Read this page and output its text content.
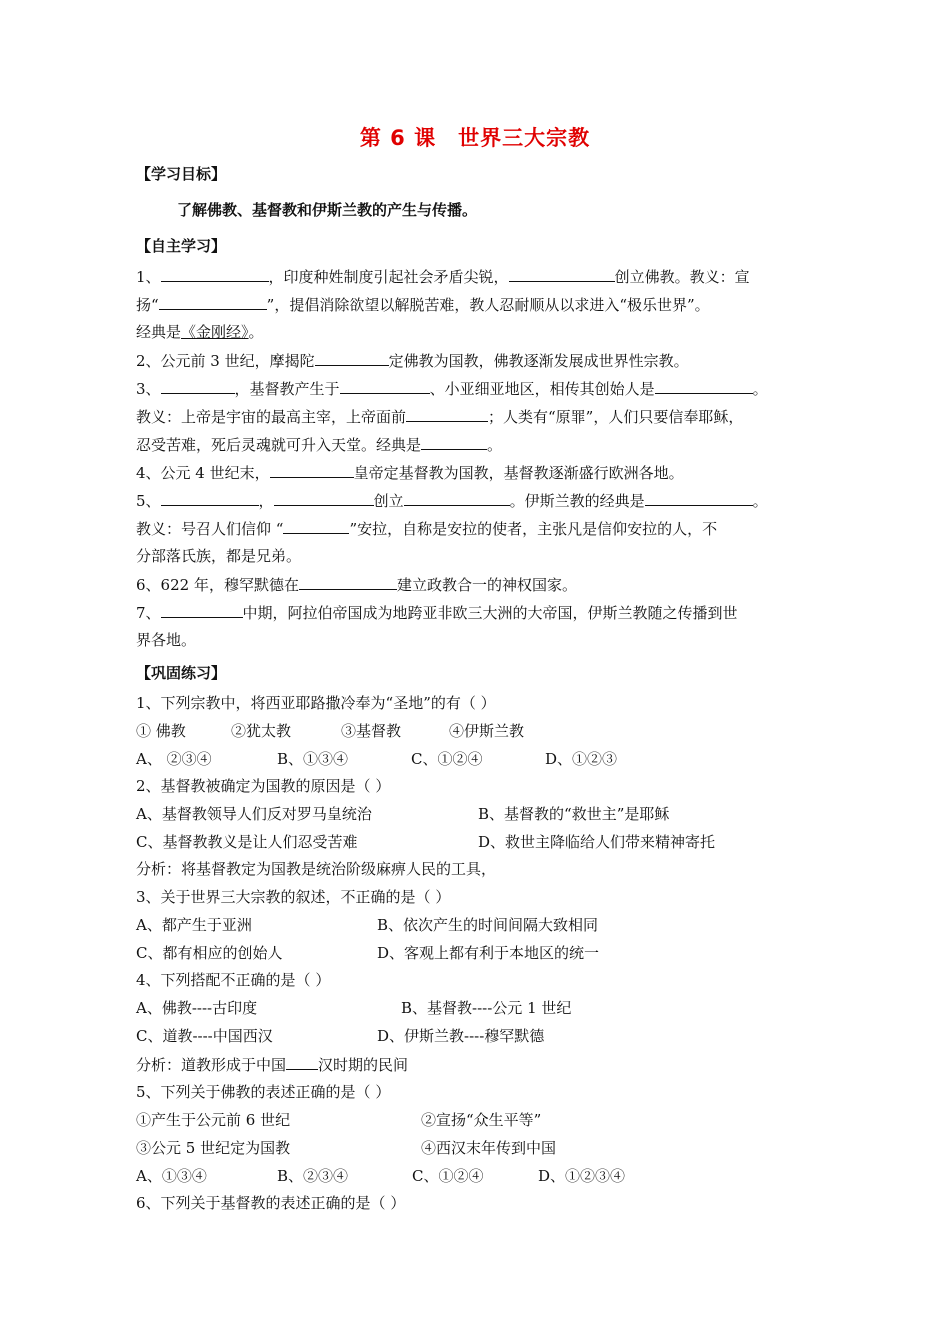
第 6 课 世界三大宗教
【学习目标】
了解佛教、基督教和伊斯兰教的产生与传播。
【自主学习】
1、	，印度种姓制度引起社会矛盾尖锐，	创立佛教。教义：宣
扬“	”，提倡消除欲望以解脱苦难，教人忍耐顺从以求进入“极乐世界”。
经典是《金刚经》。
2、公元前 3 世纪，摩揭陀	定佛教为国教，佛教逐渐发展成世界性宗教。
3、	，基督教产生于	、小亚细亚地区，相传其创始人是	。
教义：上帝是宇宙的最高主宰，上帝面前	；人类有“原罪”，人们只要信奉耶稣，
忍受苦难，死后灵魂就可升入天堂。经典是	。
4、公元 4 世纪末，	皇帝定基督教为国教，基督教逐渐盛行欧洲各地。
5、	，	创立	。伊斯兰教的经典是	。
教义：号召人们信仰 “	”安拉，自称是安拉的使者，主张凡是信仰安拉的人，不
分部落氏族，都是兄弟。
6、622 年，穆罕默德在	建立政教合一的神权国家。
7、	中期，阿拉伯帝国成为地跨亚非欧三大洲的大帝国，伊斯兰教随之传播到世
界各地。
【巩固练习】
1、下列宗教中，将西亚耶路撒冷奉为“圣地”的有（ ）
① 佛教	②犹太教	③基督教	④伊斯兰教
A、 ②③④	B、①③④	C、①②④	D、①②③
2、基督教被确定为国教的原因是（ ）
A、基督教领导人们反对罗马皇统治	B、基督教的“救世主”是耶稣
C、基督教教义是让人们忍受苦难	D、救世主降临给人们带来精神寄托
分析：将基督教定为国教是统治阶级麻痹人民的工具，
3、关于世界三大宗教的叙述，不正确的是（ ）
A、都产生于亚洲	B、依次产生的时间间隔大致相同
C、都有相应的创始人	D、客观上都有利于本地区的统一
4、下列搭配不正确的是（ ）
A、佛教----古印度	B、基督教----公元 1 世纪
C、道教----中国西汉	D、伊斯兰教----穆罕默德
分析：道教形成于中国 汉时期的民间
5、下列关于佛教的表述正确的是（ ）
①产生于公元前 6 世纪	②宣扬“众生平等”
③公元 5 世纪定为国教	④西汉末年传到中国
A、①③④	B、②③④	C、①②④	D、①②③④
6、下列关于基督教的表述正确的是（ ）
